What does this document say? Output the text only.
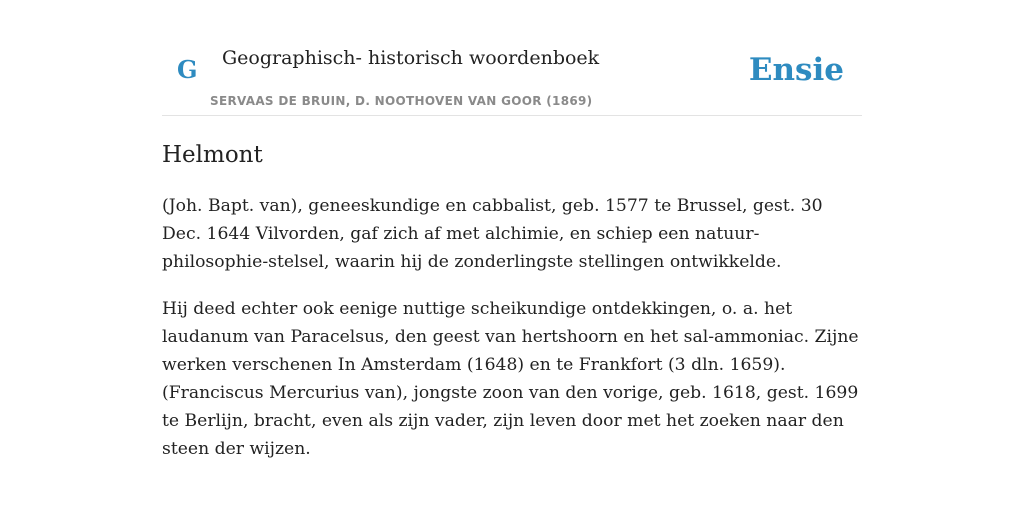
G Geographisch- historisch woordenboek
SERVAAS DE BRUIN, D. NOOTHOVEN VAN GOOR (1869)
Ensie
Helmont

(Joh. Bapt. van), geneeskundige en cabbalist, geb. 1577 te Brussel, gest. 30 Dec. 1644 Vilvorden, gaf zich af met alchimie, en schiep een natuur-philosophie-stelsel, waarin hij de zonderlingste stellingen ontwikkelde.

Hij deed echter ook eenige nuttige scheikundige ontdekkingen, o. a. het laudanum van Paracelsus, den geest van hertshoorn en het sal-ammoniac. Zijne werken verschenen In Amsterdam (1648) en te Frankfort (3 dln. 1659).(Franciscus Mercurius van), jongste zoon van den vorige, geb. 1618, gest. 1699 te Berlijn, bracht, even als zijn vader, zijn leven door met het zoeken naar den steen der wijzen.
